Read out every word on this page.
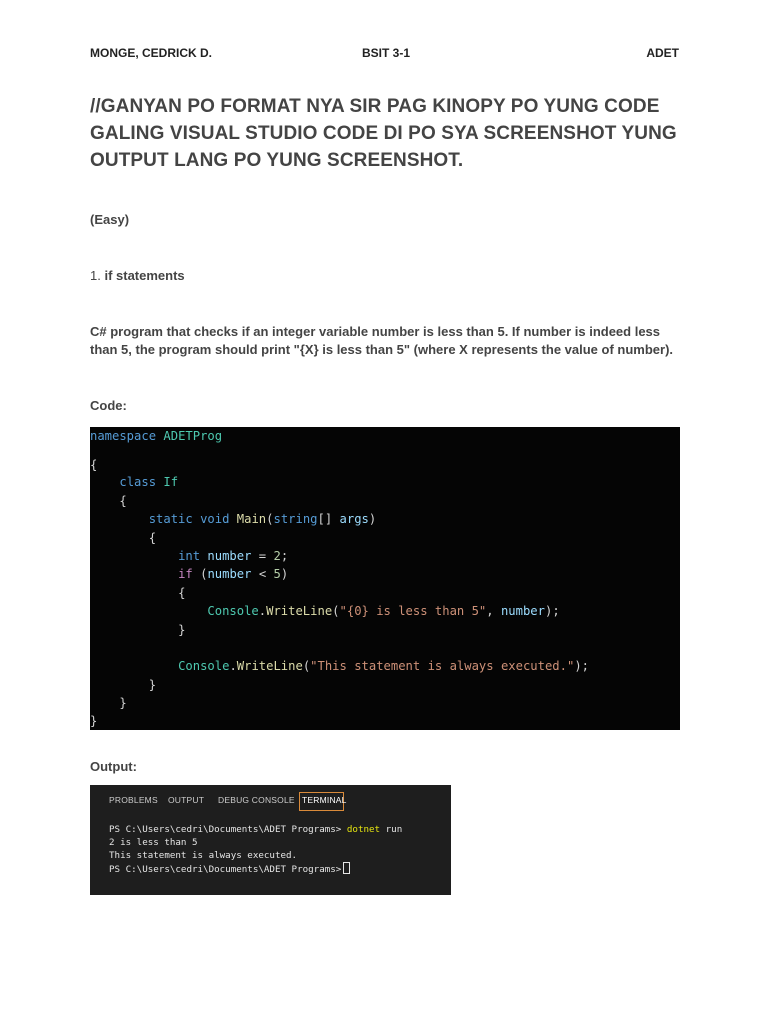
MONGE, CEDRICK D.	BSIT 3-1	ADET
//GANYAN PO FORMAT NYA SIR PAG KINOPY PO YUNG CODE GALING VISUAL STUDIO CODE DI PO SYA SCREENSHOT YUNG OUTPUT LANG PO YUNG SCREENSHOT.

(Easy)

1. if statements

C# program that checks if an integer variable number is less than 5. If number is indeed less than 5, the program should print "{X} is less than 5" (where X represents the value of number).

Code:

namespace ADETProg
{
class If
{
static void Main(string[] args)
{
int number = 2;
if (number < 5)
{
Console.WriteLine("{0} is less than 5", number);
}
Console.WriteLine("This statement is always executed.");
}
}
}

Output:

PROBLEMS OUTPUT DEBUG CONSOLE TERMINAL
PS C:\Users\cedri\Documents\ADET Programs> dotnet run
2 is less than 5
This statement is always executed.
PS C:\Users\cedri\Documents\ADET Programs>
